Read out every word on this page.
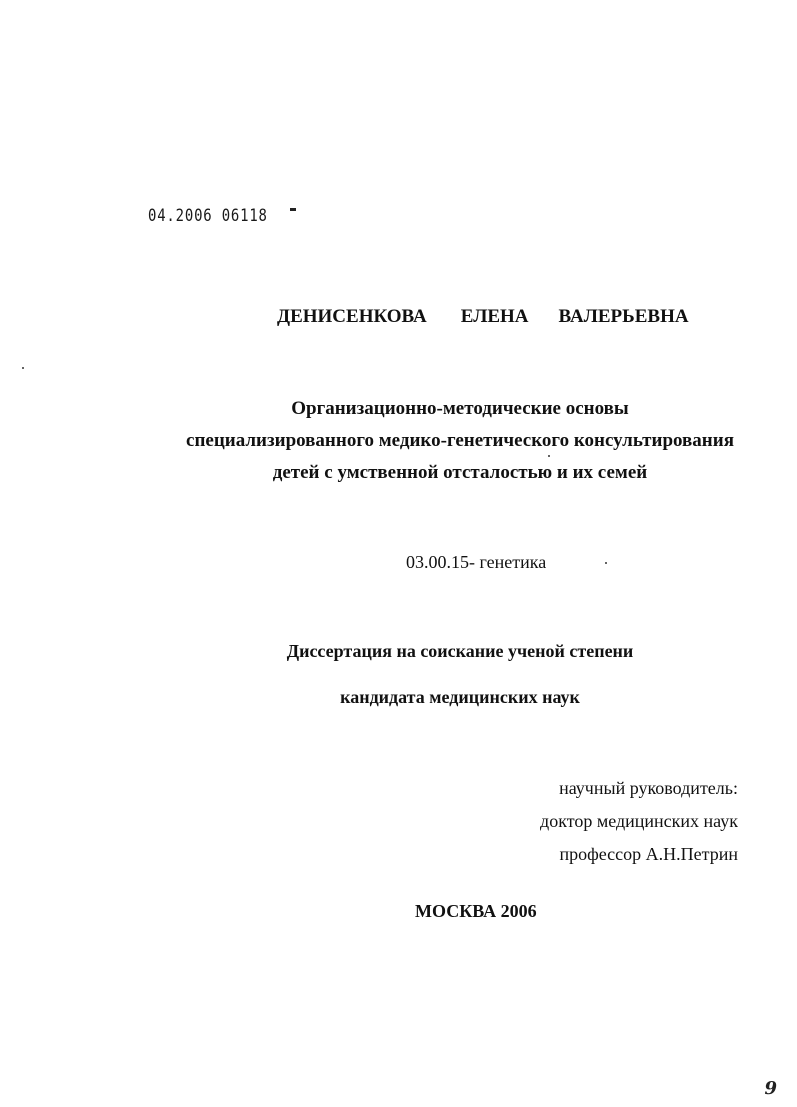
04.2006 06118
ДЕНИСЕНКОВА ЕЛЕНА ВАЛЕРЬЕВНА
Организационно-методические основы
специализированного медико-генетического консультирования
детей с умственной отсталостью и их семей
03.00.15- генетика
Диссертация на соискание ученой степени
кандидата медицинских наук
научный руководитель:
доктор медицинских наук
профессор А.Н.Петрин
МОСКВА 2006
9
